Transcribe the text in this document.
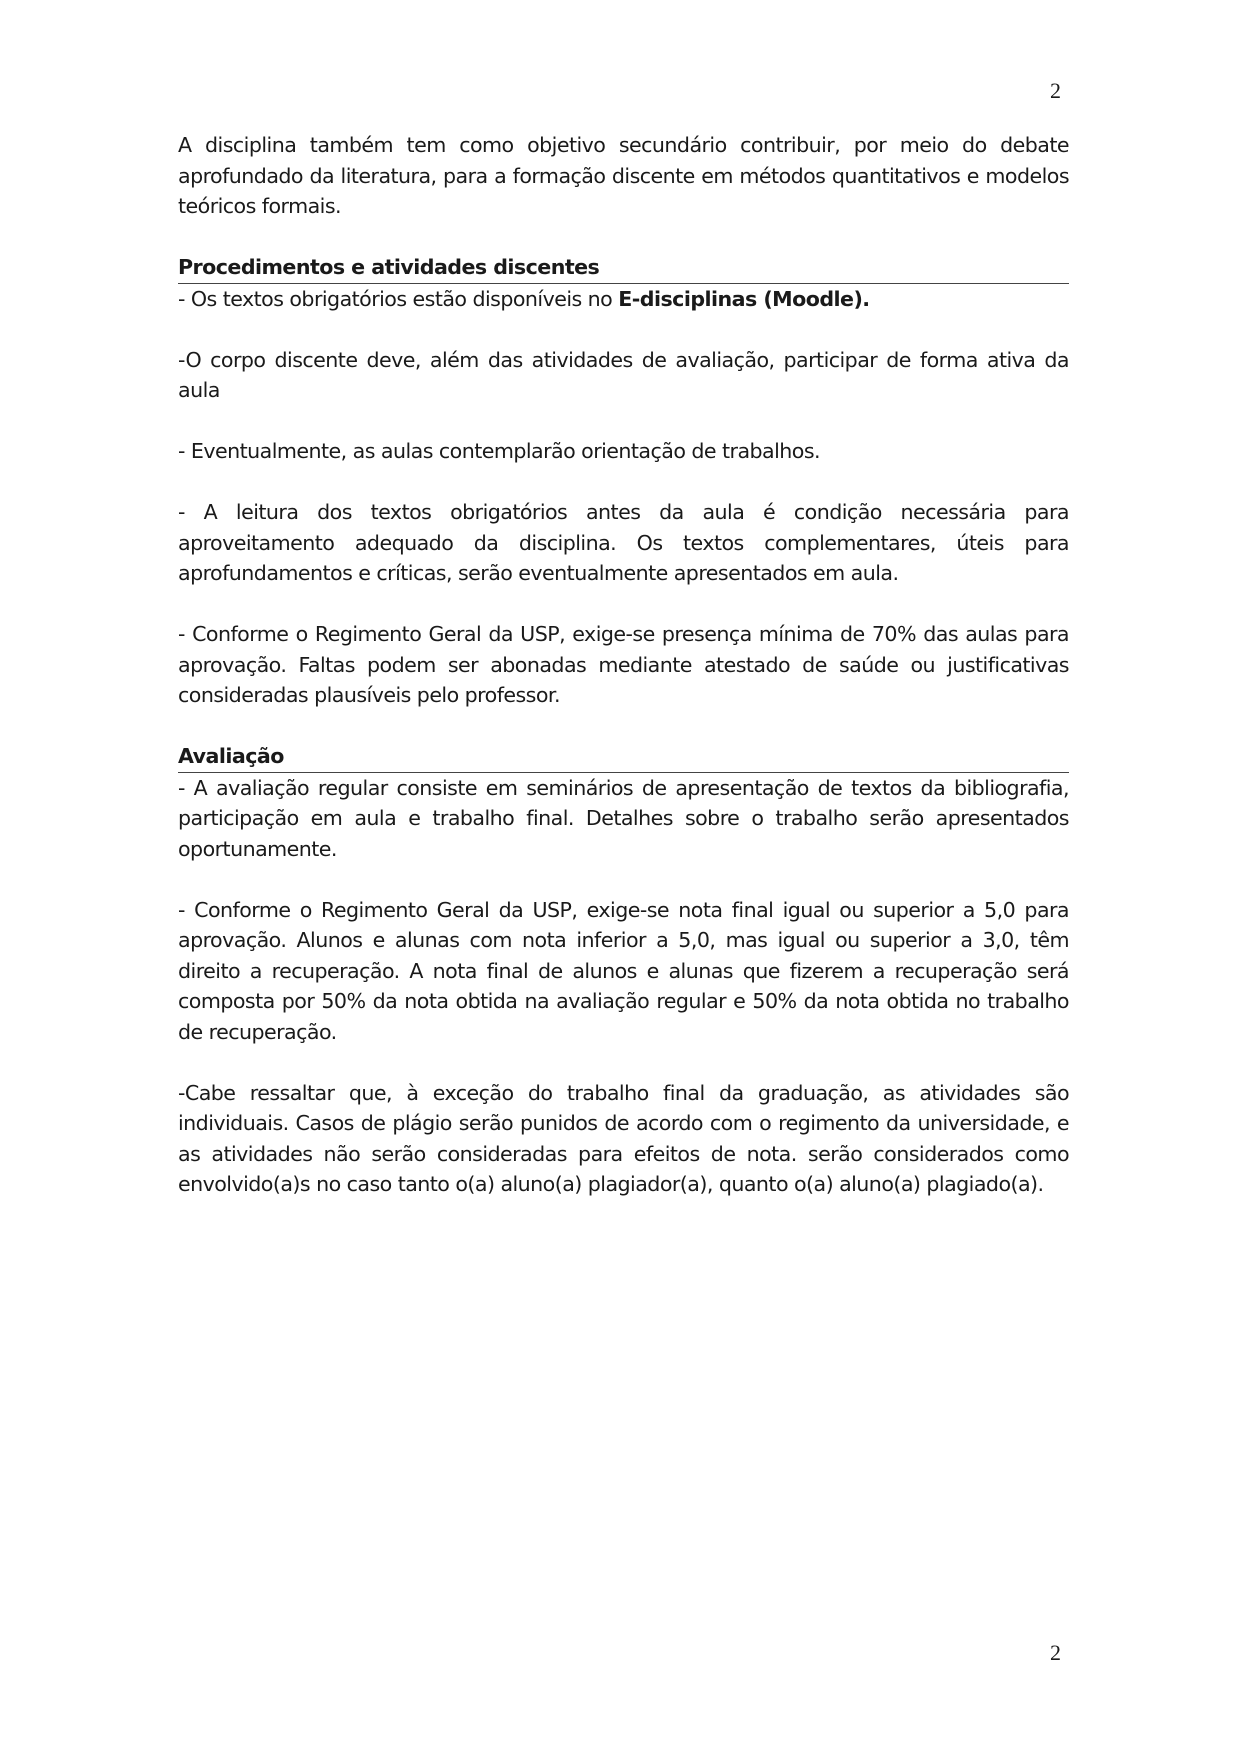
2

A disciplina também tem como objetivo secundário contribuir, por meio do debate aprofundado da literatura, para a formação discente em métodos quantitativos e modelos teóricos formais.

Procedimentos e atividades discentes

- Os textos obrigatórios estão disponíveis no E-disciplinas (Moodle).

-O corpo discente deve, além das atividades de avaliação, participar de forma ativa da aula

- Eventualmente, as aulas contemplarão orientação de trabalhos.

- A leitura dos textos obrigatórios antes da aula é condição necessária para aproveitamento adequado da disciplina. Os textos complementares, úteis para aprofundamentos e críticas, serão eventualmente apresentados em aula.

- Conforme o Regimento Geral da USP, exige-se presença mínima de 70% das aulas para aprovação. Faltas podem ser abonadas mediante atestado de saúde ou justificativas consideradas plausíveis pelo professor.

Avaliação

- A avaliação regular consiste em seminários de apresentação de textos da bibliografia, participação em aula e trabalho final. Detalhes sobre o trabalho serão apresentados oportunamente.

- Conforme o Regimento Geral da USP, exige-se nota final igual ou superior a 5,0 para aprovação. Alunos e alunas com nota inferior a 5,0, mas igual ou superior a 3,0, têm direito a recuperação. A nota final de alunos e alunas que fizerem a recuperação será composta por 50% da nota obtida na avaliação regular e 50% da nota obtida no trabalho de recuperação.

-Cabe ressaltar que, à exceção do trabalho final da graduação, as atividades são individuais. Casos de plágio serão punidos de acordo com o regimento da universidade, e as atividades não serão consideradas para efeitos de nota. serão considerados como envolvido(a)s no caso tanto o(a) aluno(a) plagiador(a), quanto o(a) aluno(a) plagiado(a).

2
